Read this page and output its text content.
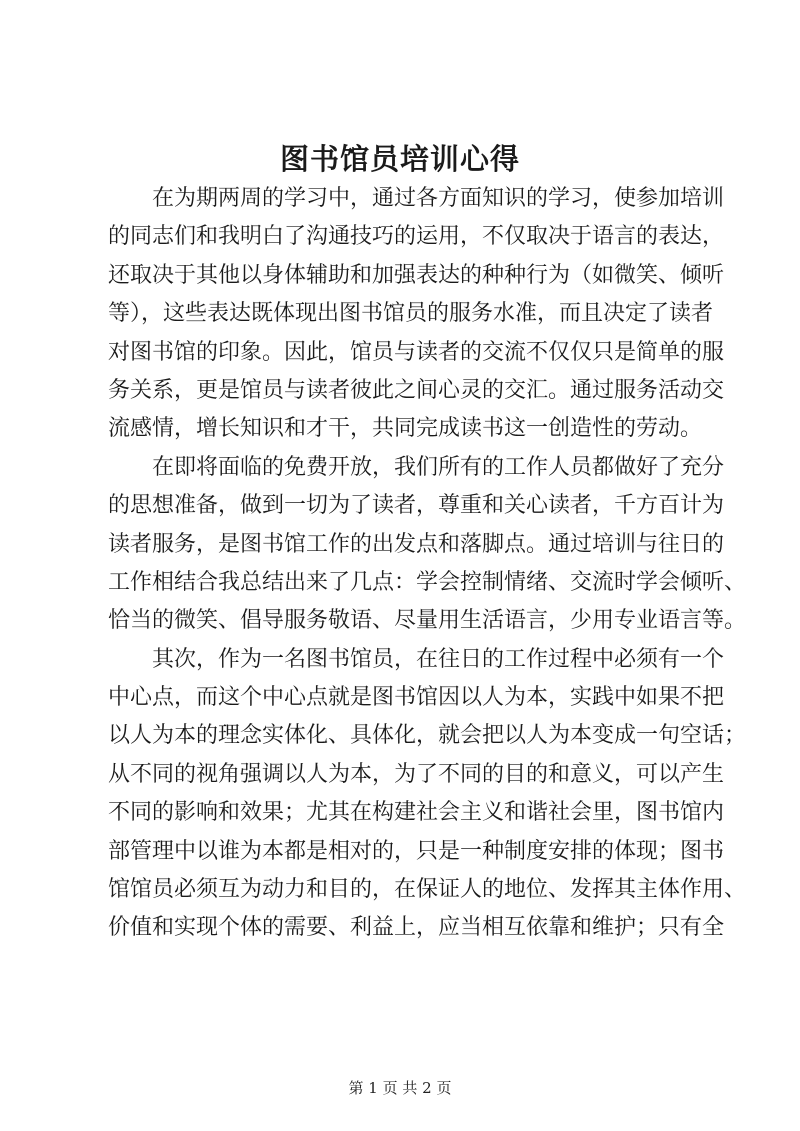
图书馆员培训心得
在为期两周的学习中，通过各方面知识的学习，使参加培训
的同志们和我明白了沟通技巧的运用，不仅取决于语言的表达，
还取决于其他以身体辅助和加强表达的种种行为（如微笑、倾听
等），这些表达既体现出图书馆员的服务水准，而且决定了读者
对图书馆的印象。因此，馆员与读者的交流不仅仅只是简单的服
务关系，更是馆员与读者彼此之间心灵的交汇。通过服务活动交
流感情，增长知识和才干，共同完成读书这一创造性的劳动。
在即将面临的免费开放，我们所有的工作人员都做好了充分
的思想准备，做到一切为了读者，尊重和关心读者，千方百计为
读者服务，是图书馆工作的出发点和落脚点。通过培训与往日的
工作相结合我总结出来了几点：学会控制情绪、交流时学会倾听、
恰当的微笑、倡导服务敬语、尽量用生活语言，少用专业语言等。
其次，作为一名图书馆员，在往日的工作过程中必须有一个
中心点，而这个中心点就是图书馆因以人为本，实践中如果不把
以人为本的理念实体化、具体化，就会把以人为本变成一句空话；
从不同的视角强调以人为本，为了不同的目的和意义，可以产生
不同的影响和效果；尤其在构建社会主义和谐社会里，图书馆内
部管理中以谁为本都是相对的，只是一种制度安排的体现；图书
馆馆员必须互为动力和目的，在保证人的地位、发挥其主体作用、
价值和实现个体的需要、利益上，应当相互依靠和维护；只有全
第 1 页 共 2 页
